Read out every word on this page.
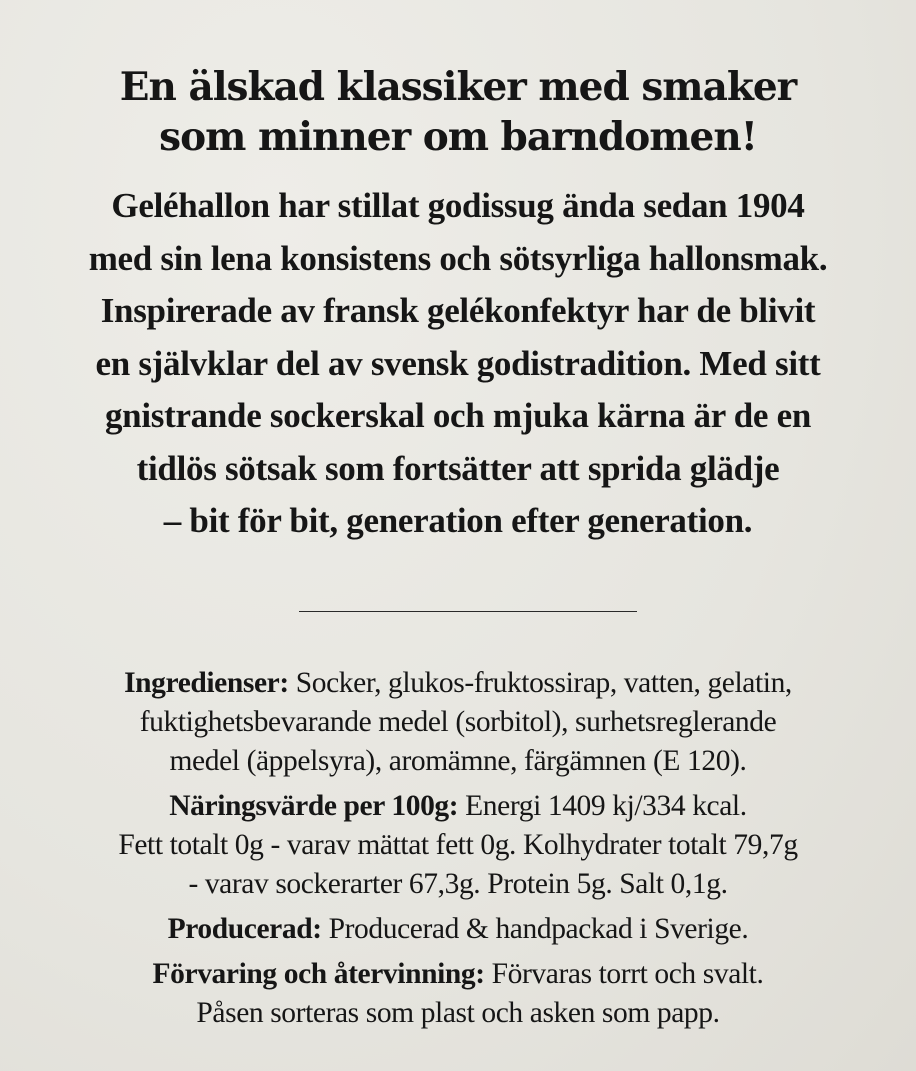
En älskad klassiker med smaker
som minner om barndomen!
Geléhallon har stillat godissug ända sedan 1904
med sin lena konsistens och sötsyrliga hallonsmak.
Inspirerade av fransk gelékonfektyr har de blivit
en självklar del av svensk godistradition. Med sitt
gnistrande sockerskal och mjuka kärna är de en
tidlös sötsak som fortsätter att sprida glädje
– bit för bit, generation efter generation.
Ingredienser: Socker, glukos-fruktossirap, vatten, gelatin,
fuktighetsbevarande medel (sorbitol), surhetsreglerande
medel (äppelsyra), aromämne, färgämnen (E 120).
Näringsvärde per 100g: Energi 1409 kj/334 kcal.
Fett totalt 0g - varav mättat fett 0g. Kolhydrater totalt 79,7g
- varav sockerarter 67,3g. Protein 5g. Salt 0,1g.
Producerad: Producerad & handpackad i Sverige.
Förvaring och återvinning: Förvaras torrt och svalt.
Påsen sorteras som plast och asken som papp.
